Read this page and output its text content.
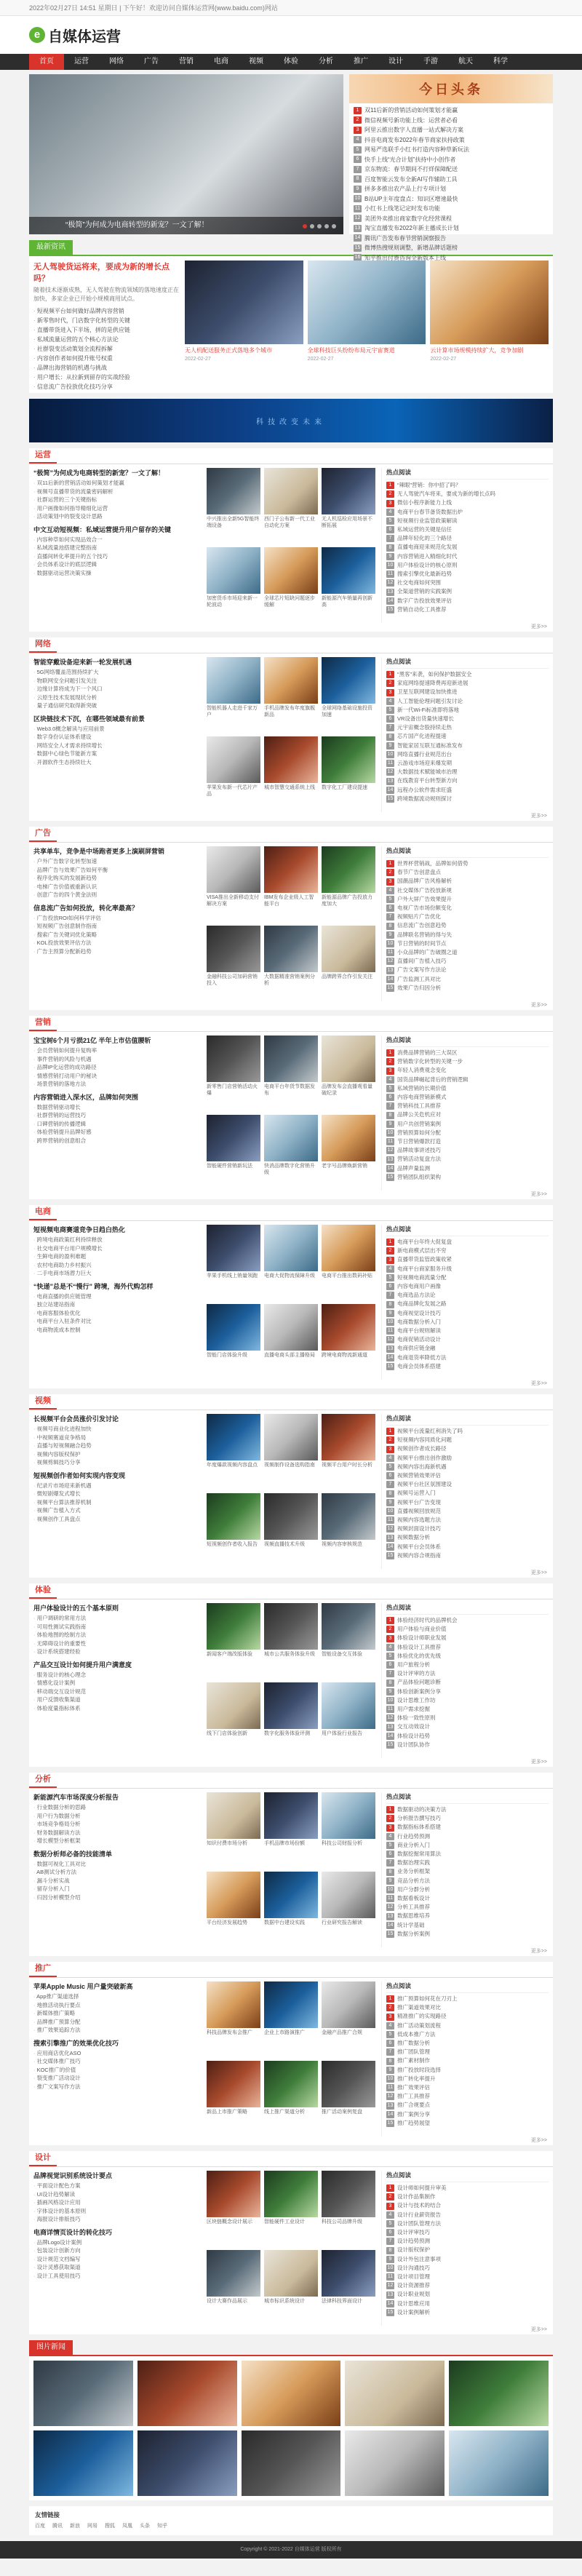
2022年02月27日 14:51 星期日 | 下午好！欢迎访问自媒体运营网(www.baidu.com)网站
e 自媒体运营
首页	运营	网络	广告	营销	电商	视频	体验	分析	推广	设计	手游	航天	科学
“极简”为何成为电商转型的新宠？一文了解！
今日头条
1 双11后新的营销活动如何策划才能赢
2 微信视频号新功能上线：运营者必看
3 阿里云推出数字人直播一站式解决方案
4 抖音电商发布2022年春节商家扶持政策
5 网易严选联手小红书打造内容种草新玩法
6 快手上线“光合计划”扶持中小创作者
7 京东物流：春节期间不打烊保障配送
8 百度智能云发布全新AI写作辅助工具
9 拼多多推出农产品上行专项计划
10 B站UP主年度盘点：知识区增速最快
11 小红书上线笔记定时发布功能
12 美团外卖推出商家数字化经营课程
13 淘宝直播发布2022年新主播成长计划
14 腾讯广告发布春节营销洞察报告
15 微博热搜规则调整，新增品牌话题榜
16 知乎推出付费咨询全新版本上线
最新资讯
无人驾驶货运将来，要成为新的增长点吗？

随着技术逐渐成熟，无人驾驶在物流领域的落地速度正在加快，多家企业已开始小规模商用试点。

· 短视频平台如何做好品牌内容营销
· 新零售时代，门店数字化转型的关键
· 直播带货进入下半场，拼的是供应链
· 私域流量运营的五个核心方法论
· 社群裂变活动策划全流程拆解
· 内容创作者如何提升账号权重
· 品牌出海营销的机遇与挑战
· 用户增长：从拉新到留存的实战经验
· 信息流广告投放优化技巧分享
无人机配送服务正式落地多个城市
2022-02-27
全球科技巨头纷纷布局元宇宙赛道
2022-02-27
云计算市场规模持续扩大，竞争加剧
2022-02-27
科技改变未来
运营
“极简”为何成为电商转型的新宠？一文了解！
· 双11后新的营销活动如何策划才能赢
· 视频号直播带货的流量密码解析
· 社群运营的三个关键指标
· 用户画像如何指导精细化运营
· 活动策划中的裂变设计思路
中文互动短视频：私域运营提升用户留存的关键
· 内容种草如何实现品效合一
· 私域流量池搭建完整指南
· 直播间转化率提升的五个技巧
· 会员体系设计的底层逻辑
· 数据驱动运营决策实操
中兴推出全新5G智能终端设备
西门子公布新一代工业自动化方案
无人机巡检应用场景不断拓展
加密货币市场迎来新一轮波动
全球芯片短缺问题逐步缓解
新能源汽车销量再创新高
热点阅读
1	“辣眼”营销：你中招了吗？
2	无人驾驶汽车将来，要成为新的增长点吗
3	微信小程序新能力上线
4	电商平台春节备货数据出炉
5	短视频行业监管政策解读
6	私域运营的关键是信任
7	品牌年轻化的三个路径
8	直播电商迎来规范化发展
9	内容营销进入精细化时代
10 用户体验设计的核心原则
11 搜索引擎优化最新趋势
12 社交电商如何突围
13 全渠道营销的实践案例
14 数字广告投放效果评估
15 营销自动化工具推荐
更多>>
网络
智能穿戴设备迎来新一轮发展机遇
· 5G网络覆盖范围持续扩大
· 物联网安全问题引发关注
· 边缘计算将成为下一个风口
· 云原生技术发展现状分析
· 量子通信研究取得新突破
区块链技术下沉，在哪些领域最有前景
· Web3.0概念解读与应用前景
· 数字身份认证体系建设
· 网络安全人才需求持续增长
· 数据中心绿色节能新方案
· 开源软件生态持续壮大
智能机器人走进千家万户
手机品牌发布年度旗舰新品
全球网络基础设施投资加速
苹果发布新一代芯片产品
城市智慧交通系统上线	数字化工厂建设提速
热点阅读
1	“黑客”来袭，如何保护数据安全
2	家庭网络提速降费再迎新进展
3	卫星互联网建设加快推进
4	人工智能伦理问题引发讨论
5	新一代Wi-Fi标准即将落地
6	VR设备出货量快速增长
7	元宇宙概念股持续走热
8	芯片国产化进程提速
9	智能家居互联互通标准发布
10 网络直播行业规范出台
11 云游戏市场迎来爆发期
12 大数据技术赋能城市治理
13 在线教育平台转型新方向
14 远程办公软件需求旺盛
15 跨境数据流动规则探讨
更多>>
广告
共享单车，竞争是中场跑者更多上演刷屏营销
· 户外广告数字化转型加速
· 品牌广告与效果广告如何平衡
· 程序化购买的发展新趋势
· 电梯广告价值被重新认识
· 创意广告的四个黄金法则
信息流广告如何投放，转化率最高？
· 广告投放ROI如何科学评估
· 短视频广告创意制作指南
· 搜索广告关键词优化策略
· KOL投放效果评估方法
· 广告主预算分配新趋势
VISA推出全新移动支付解决方案
IBM发布企业级人工智能平台
新能源品牌广告投放力度加大
金融科技公司加码营销投入
大数据精准营销案例分析
品牌跨界合作引发关注
热点阅读
1	世界杯营销战，品牌如何借势
2	春节广告创意盘点
3	国潮品牌广告风格解析
4	社交媒体广告投放新规
5	户外大屏广告效果提升
6	电视广告市场份额变化
7	视频贴片广告优化
8	信息流广告创意趋势
9	品牌联名营销的得与失
10 节日营销的时间节点
11 小众品牌的广告破圈之道
12 直播间广告植入技巧
13 广告文案写作方法论
14 广告监测工具对比
15 效果广告归因分析
更多>>
营销
宝宝树6个月亏损21亿 半年上市估值腰斩
· 会员营销如何提升复购率
· 事件营销的风险与机遇
· 品牌IP化运营的成功路径
· 情感营销打动用户的秘诀
· 场景营销的落地方法
内容营销进入深水区，品牌如何突围
· 数据营销驱动增长
· 社群营销的运营技巧
· 口碑营销的传播逻辑
· 体验营销提升品牌好感
· 跨界营销的创意组合
新零售门店营销活动火爆
电商平台年货节数据发布
品牌发布会直播观看量破纪录
智能硬件营销新玩法	快消品牌数字化营销升级
老字号品牌焕新营销
热点阅读
1	消费品牌营销的三大误区
2	营销数字化转型的关键一步
3	年轻人消费观念变化
4	国货品牌崛起背后的营销逻辑
5	私域营销的长期价值
6	内容电商营销新模式
7	营销科技工具推荐
8	品牌公关危机应对
9	用户共创营销案例
10 营销预算如何分配
11 节日营销爆款打造
12 品牌故事讲述技巧
13 营销活动复盘方法
14 品牌声量监测
15 营销团队组织架构
更多>>
电商
短视频电商赛道竞争日趋白热化
· 跨境电商政策红利持续释放
· 社交电商平台用户规模增长
· 生鲜电商的盈利难题
· 农村电商助力乡村振兴
· 二手电商市场潜力巨大
“快递”总是不“慢行” 跨境，海外代购怎样
· 电商直播的供应链管理
· 独立站建站指南
· 电商客服体验优化
· 电商平台入驻条件对比
· 电商物流成本控制
苹果手机线上销量领跑	电商大促物流保障升级	电商平台推出数码补贴
智能门店体验升级	直播电商头部主播格局	跨境电商物流新通道
热点阅读
1	电商平台年终大促复盘
2	新电商模式层出不穷
3	直播带货监管政策收紧
4	电商平台商家服务升级
5	短视频电商流量分配
6	内容电商用户画像
7	电商选品方法论
8	电商品牌化发展之路
9	电商视觉设计技巧
10 电商数据分析入门
11 电商平台规则解读
12 电商促销活动设计
13 电商供应链金融
14 电商退货率降低方法
15 电商会员体系搭建
更多>>
视频
长视频平台会员涨价引发讨论
· 视频号商业化进程加快
· 中视频赛道竞争格局
· 直播与短视频融合趋势
· 视频内容版权保护
· 视频剪辑技巧分享
短视频创作者如何实现内容变现
· 纪录片市场迎来新机遇
· 微短剧爆发式增长
· 视频平台算法推荐机制
· 视频广告植入方式
· 视频创作工具盘点
年度爆款视频内容盘点	视频制作设备选购指南	视频平台用户时长分析
短视频创作者收入报告	视频直播技术升级	视频内容审核规范
热点阅读
1	视频平台流量红利消失了吗
2	短视频内容同质化问题
3	视频创作者成长路径
4	视频平台推出创作激励
5	视频内容出海新机遇
6	视频营销效果评估
7	视频平台社区氛围建设
8	视频号运营入门
9	视频平台广告变现
10 直播视频回放规范
11 视频内容选题方法
12 视频封面设计技巧
13 视频数据分析
14 视频平台会员体系
15 视频内容合规指南
更多>>
体验
用户体验设计的五个基本原则
· 用户调研的常用方法
· 可用性测试实践指南
· 体验地图的绘制方法
· 无障碍设计的重要性
· 设计系统搭建经验
产品交互设计如何提升用户满意度
· 服务设计的核心理念
· 情感化设计案例
· 移动端交互设计规范
· 用户反馈收集渠道
· 体验度量指标体系
新闻客户端改版体验	城市公共服务体验升级	智能设备交互体验
线下门店体验创新	数字化服务体验评测	用户体验行业报告
热点阅读
1	体验经济时代的品牌机会
2	用户体验与商业价值
3	体验设计师职业发展
4	体验设计工具推荐
5	体验优化的优先级
6	用户旅程分析
7	设计评审的方法
8	产品体验问题诊断
9	体验创新案例分享
10 设计思维工作坊
11 用户需求挖掘
12 体验一致性原则
13 交互动效设计
14 体验设计趋势
15 设计团队协作
更多>>
分析
新能源汽车市场深度分析报告
· 行业数据分析的思路
· 用户行为数据分析
· 市场竞争格局分析
· 财务数据解读方法
· 增长模型分析框架
数据分析师必备的技能清单
· 数据可视化工具对比
· AB测试分析方法
· 漏斗分析实战
· 留存分析入门
· 归因分析模型介绍
知识付费市场分析	手机品牌市场份额	科技公司财报分析
平台经济发展趋势	数据中台建设实践	行业研究报告解读
热点阅读
1	数据驱动的决策方法
2	分析报告撰写技巧
3	数据指标体系搭建
4	行业趋势预测
5	商业分析入门
6	数据挖掘常用算法
7	数据治理实践
8	业务分析框架
9	竞品分析方法
10 用户分群分析
11 数据看板设计
12 分析工具推荐
13 数据思维培养
14 统计学基础
15 数据分析案例
更多>>
推广
苹果Apple Music 用户量突破新高
· App推广渠道选择
· 地推活动执行要点
· 新媒体推广策略
· 品牌推广预算分配
· 推广效果追踪方法
搜索引擎推广的效果优化技巧
· 应用商店优化ASO
· 社交媒体推广技巧
· KOC推广的价值
· 裂变推广活动设计
· 推广文案写作方法
科技品牌发布会推广	企业上市路演推广	金融产品推广合规
新品上市推广策略	线上推广渠道分析	推广活动案例复盘
热点阅读
1	推广预算如何花在刀刃上
2	推广渠道效果对比
3	精准推广的实现路径
4	推广活动策划流程
5	低成本推广方法
6	推广数据分析
7	推广团队管理
8	推广素材制作
9	推广投放时段选择
10 推广转化率提升
11 推广效果评估
12 推广工具推荐
13 推广合规要点
14 推广案例分享
15 推广趋势展望
更多>>
设计
品牌视觉识别系统设计要点
· 平面设计配色方案
· UI设计趋势解读
· 插画风格设计应用
· 字体设计的基本原则
· 海报设计排版技巧
电商详情页设计的转化技巧
· 品牌Logo设计案例
· 包装设计创新方向
· 设计规范文档编写
· 设计灵感获取渠道
· 设计工具使用技巧
区块链概念设计展示	智能硬件工业设计	科技公司品牌升级
设计大赛作品展示	城市标识系统设计	法律科技界面设计
热点阅读
1	设计师如何提升审美
2	设计作品集制作
3	设计与技术的结合
4	设计行业薪资报告
5	设计团队管理方法
6	设计评审技巧
7	设计趋势预测
8	设计版权保护
9	设计外包注意事项
10 设计沟通技巧
11 设计项目管理
12 设计资源推荐
13 设计职业规划
14 设计思维应用
15 设计案例解析
更多>>
图片新闻
友情链接
百度 腾讯 新浪 网易 搜狐 凤凰 头条 知乎
Copyright © 2021-2022 自媒体运营 版权所有
